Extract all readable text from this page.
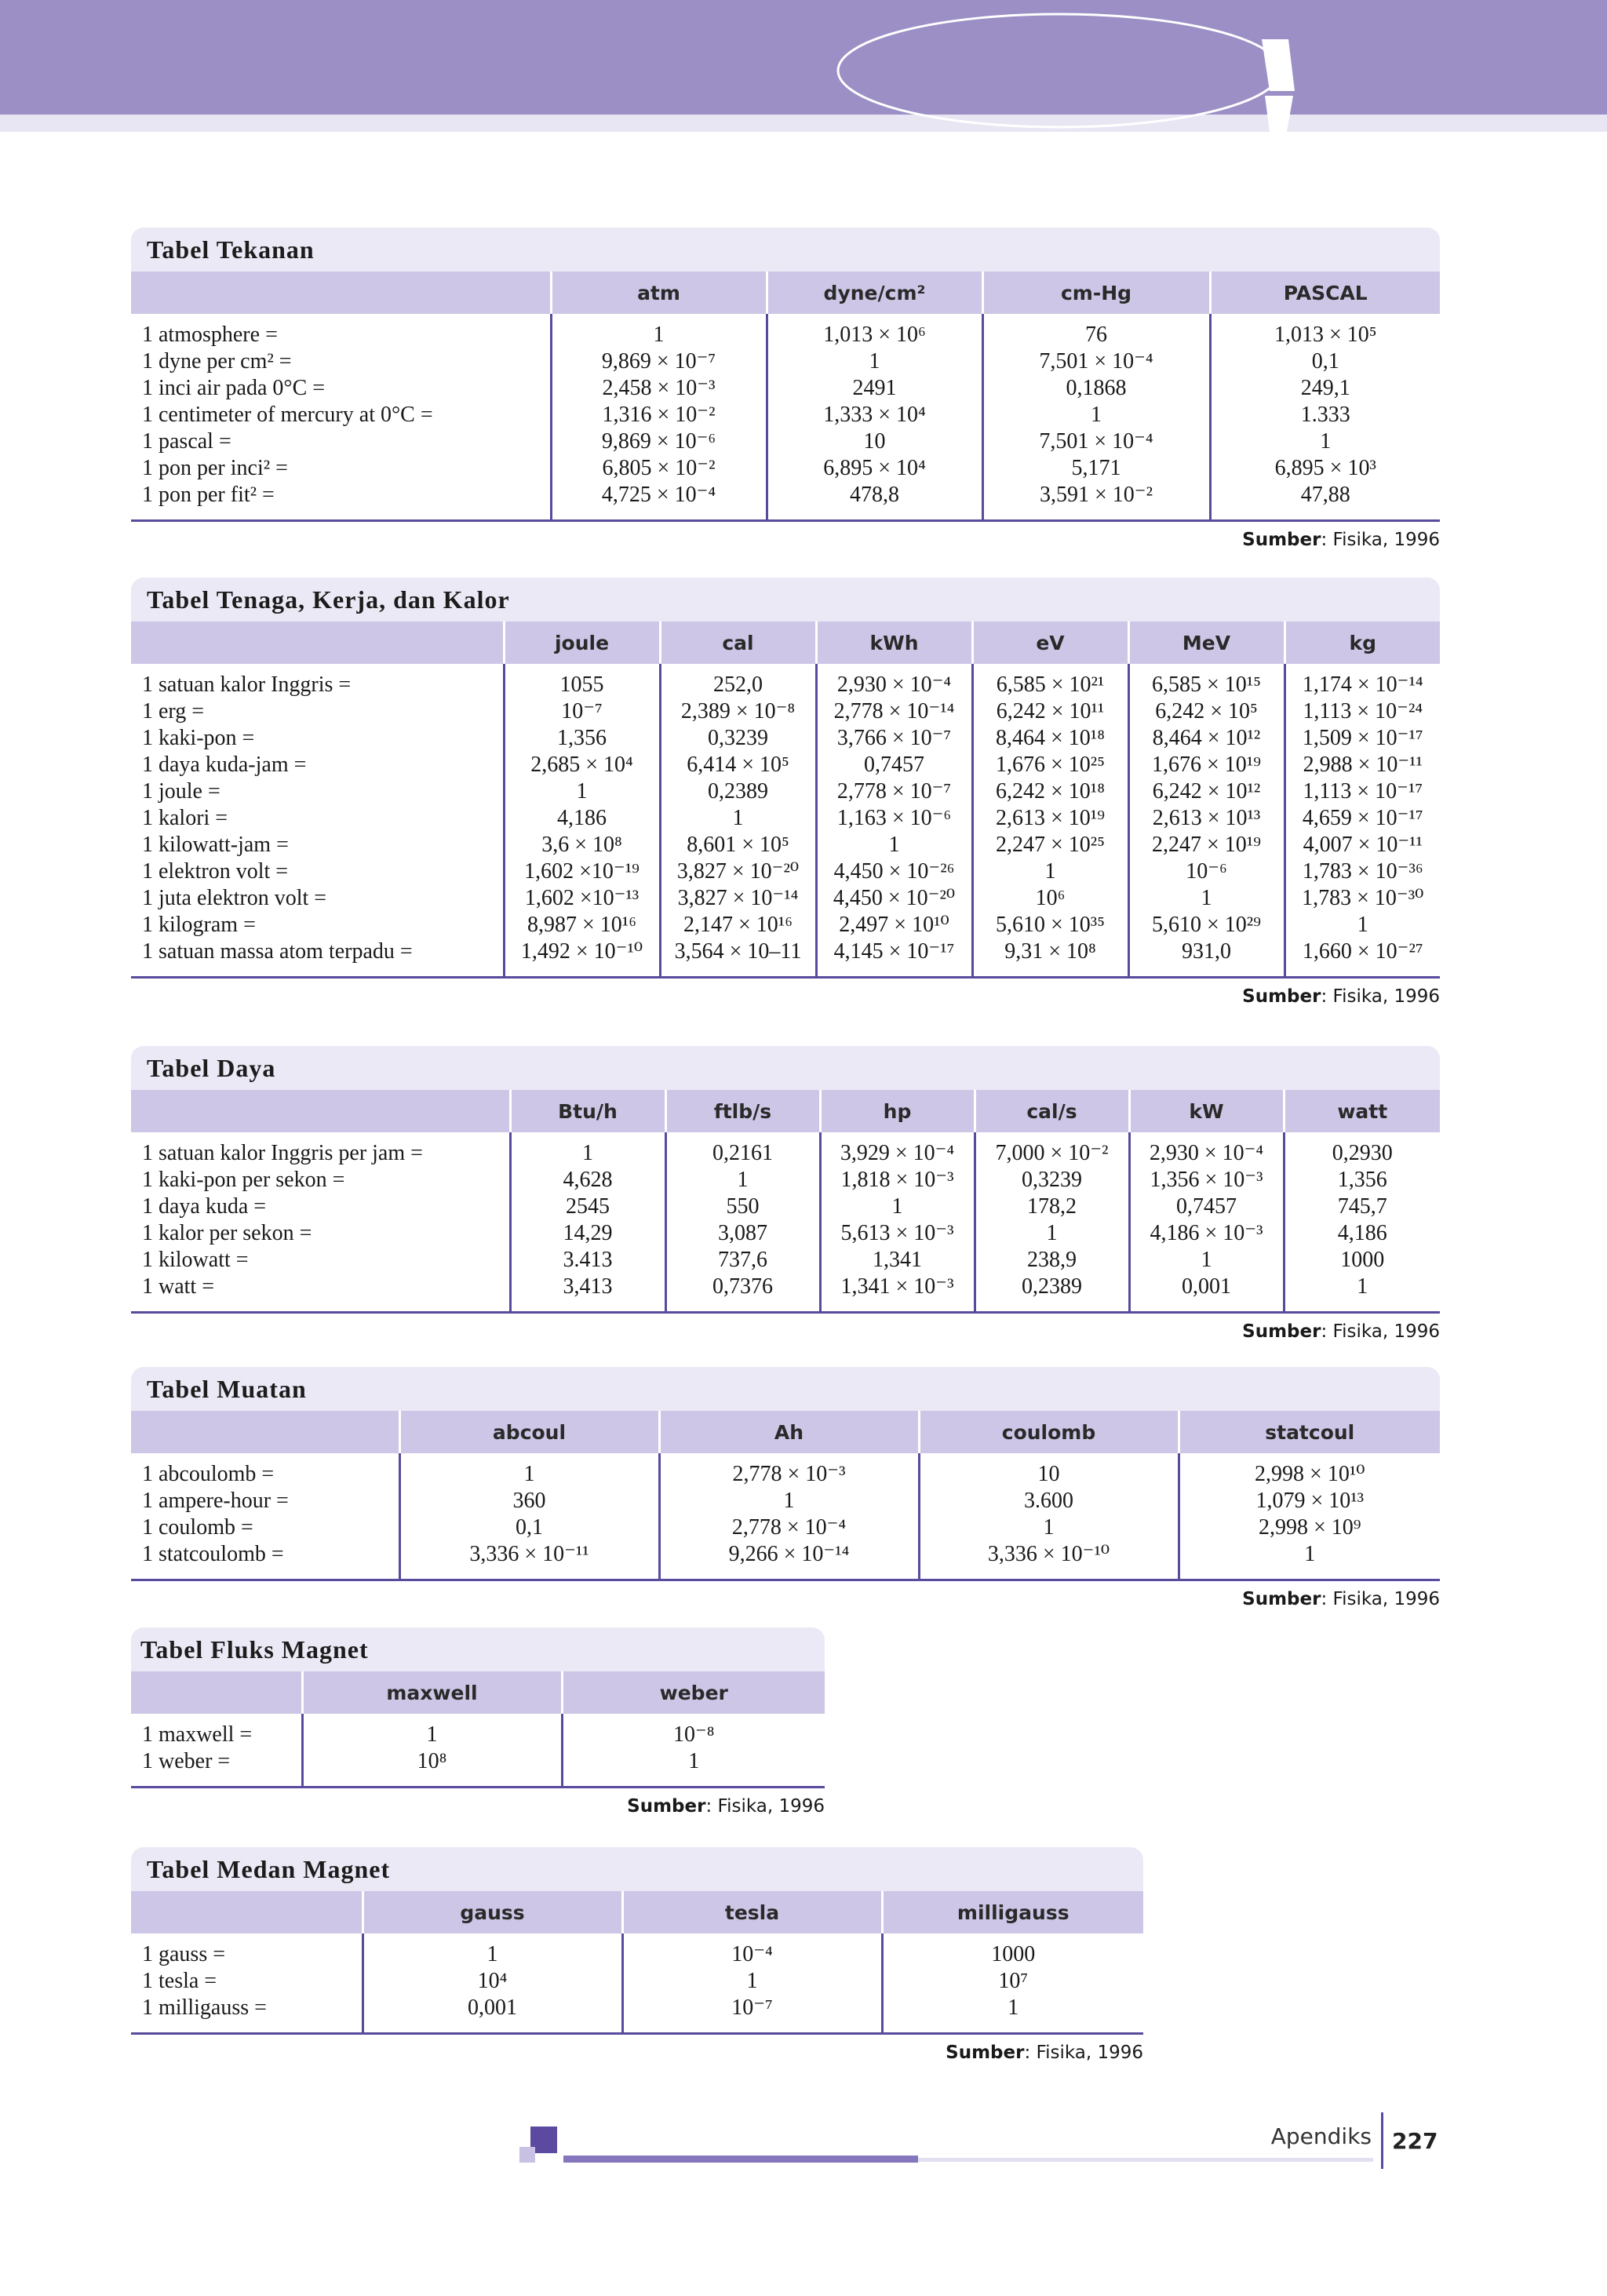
Tabel Tekanan
	atm	dyne/cm²	cm-Hg	PASCAL
1 atmosphere =	1	1,013 × 10⁶	76	1,013 × 10⁵
1 dyne per cm² =	9,869 × 10⁻⁷	1	7,501 × 10⁻⁴	0,1
1 inci air pada 0°C =	2,458 × 10⁻³	2491	0,1868	249,1
1 centimeter of mercury at 0°C =	1,316 × 10⁻²	1,333 × 10⁴	1	1.333
1 pascal =	9,869 × 10⁻⁶	10	7,501 × 10⁻⁴	1
1 pon per inci² =	6,805 × 10⁻²	6,895 × 10⁴	5,171	6,895 × 10³
1 pon per fit² =	4,725 × 10⁻⁴	478,8	3,591 × 10⁻²	47,88
Sumber: Fisika, 1996
Tabel Tenaga, Kerja, dan Kalor
	joule	cal	kWh	eV	MeV	kg
1 satuan kalor Inggris =	1055	252,0	2,930 × 10⁻⁴	6,585 × 10²¹	6,585 × 10¹⁵	1,174 × 10⁻¹⁴
1 erg =	10⁻⁷	2,389 × 10⁻⁸	2,778 × 10⁻¹⁴	6,242 × 10¹¹	6,242 × 10⁵	1,113 × 10⁻²⁴
1 kaki-pon =	1,356	0,3239	3,766 × 10⁻⁷	8,464 × 10¹⁸	8,464 × 10¹²	1,509 × 10⁻¹⁷
1 daya kuda-jam =	2,685 × 10⁴	6,414 × 10⁵	0,7457	1,676 × 10²⁵	1,676 × 10¹⁹	2,988 × 10⁻¹¹
1 joule =	1	0,2389	2,778 × 10⁻⁷	6,242 × 10¹⁸	6,242 × 10¹²	1,113 × 10⁻¹⁷
1 kalori =	4,186	1	1,163 × 10⁻⁶	2,613 × 10¹⁹	2,613 × 10¹³	4,659 × 10⁻¹⁷
1 kilowatt-jam =	3,6 × 10⁸	8,601 × 10⁵	1	2,247 × 10²⁵	2,247 × 10¹⁹	4,007 × 10⁻¹¹
1 elektron volt =	1,602 ×10⁻¹⁹	3,827 × 10⁻²⁰	4,450 × 10⁻²⁶	1	10⁻⁶	1,783 × 10⁻³⁶
1 juta elektron volt =	1,602 ×10⁻¹³	3,827 × 10⁻¹⁴	4,450 × 10⁻²⁰	10⁶	1	1,783 × 10⁻³⁰
1 kilogram =	8,987 × 10¹⁶	2,147 × 10¹⁶	2,497 × 10¹⁰	5,610 × 10³⁵	5,610 × 10²⁹	1
1 satuan massa atom terpadu =	1,492 × 10⁻¹⁰	3,564 × 10–11	4,145 × 10⁻¹⁷	9,31 × 10⁸	931,0	1,660 × 10⁻²⁷
Sumber: Fisika, 1996
Tabel Daya
	Btu/h	ftlb/s	hp	cal/s	kW	watt
1 satuan kalor Inggris per jam =	1	0,2161	3,929 × 10⁻⁴	7,000 × 10⁻²	2,930 × 10⁻⁴	0,2930
1 kaki-pon per sekon =	4,628	1	1,818 × 10⁻³	0,3239	1,356 × 10⁻³	1,356
1 daya kuda =	2545	550	1	178,2	0,7457	745,7
1 kalor per sekon =	14,29	3,087	5,613 × 10⁻³	1	4,186 × 10⁻³	4,186
1 kilowatt =	3.413	737,6	1,341	238,9	1	1000
1 watt =	3,413	0,7376	1,341 × 10⁻³	0,2389	0,001	1
Sumber: Fisika, 1996
Tabel Muatan
	abcoul	Ah	coulomb	statcoul
1 abcoulomb =	1	2,778 × 10⁻³	10	2,998 × 10¹⁰
1 ampere-hour =	360	1	3.600	1,079 × 10¹³
1 coulomb =	0,1	2,778 × 10⁻⁴	1	2,998 × 10⁹
1 statcoulomb =	3,336 × 10⁻¹¹	9,266 × 10⁻¹⁴	3,336 × 10⁻¹⁰	1
Sumber: Fisika, 1996
Tabel Fluks Magnet
	maxwell	weber
1 maxwell =	1	10⁻⁸
1 weber =	10⁸	1
Sumber: Fisika, 1996
Tabel Medan Magnet
	gauss	tesla	milligauss
1 gauss =	1	10⁻⁴	1000
1 tesla =	10⁴	1	10⁷
1 milligauss =	0,001	10⁻⁷	1
Sumber: Fisika, 1996
Apendiks 227
